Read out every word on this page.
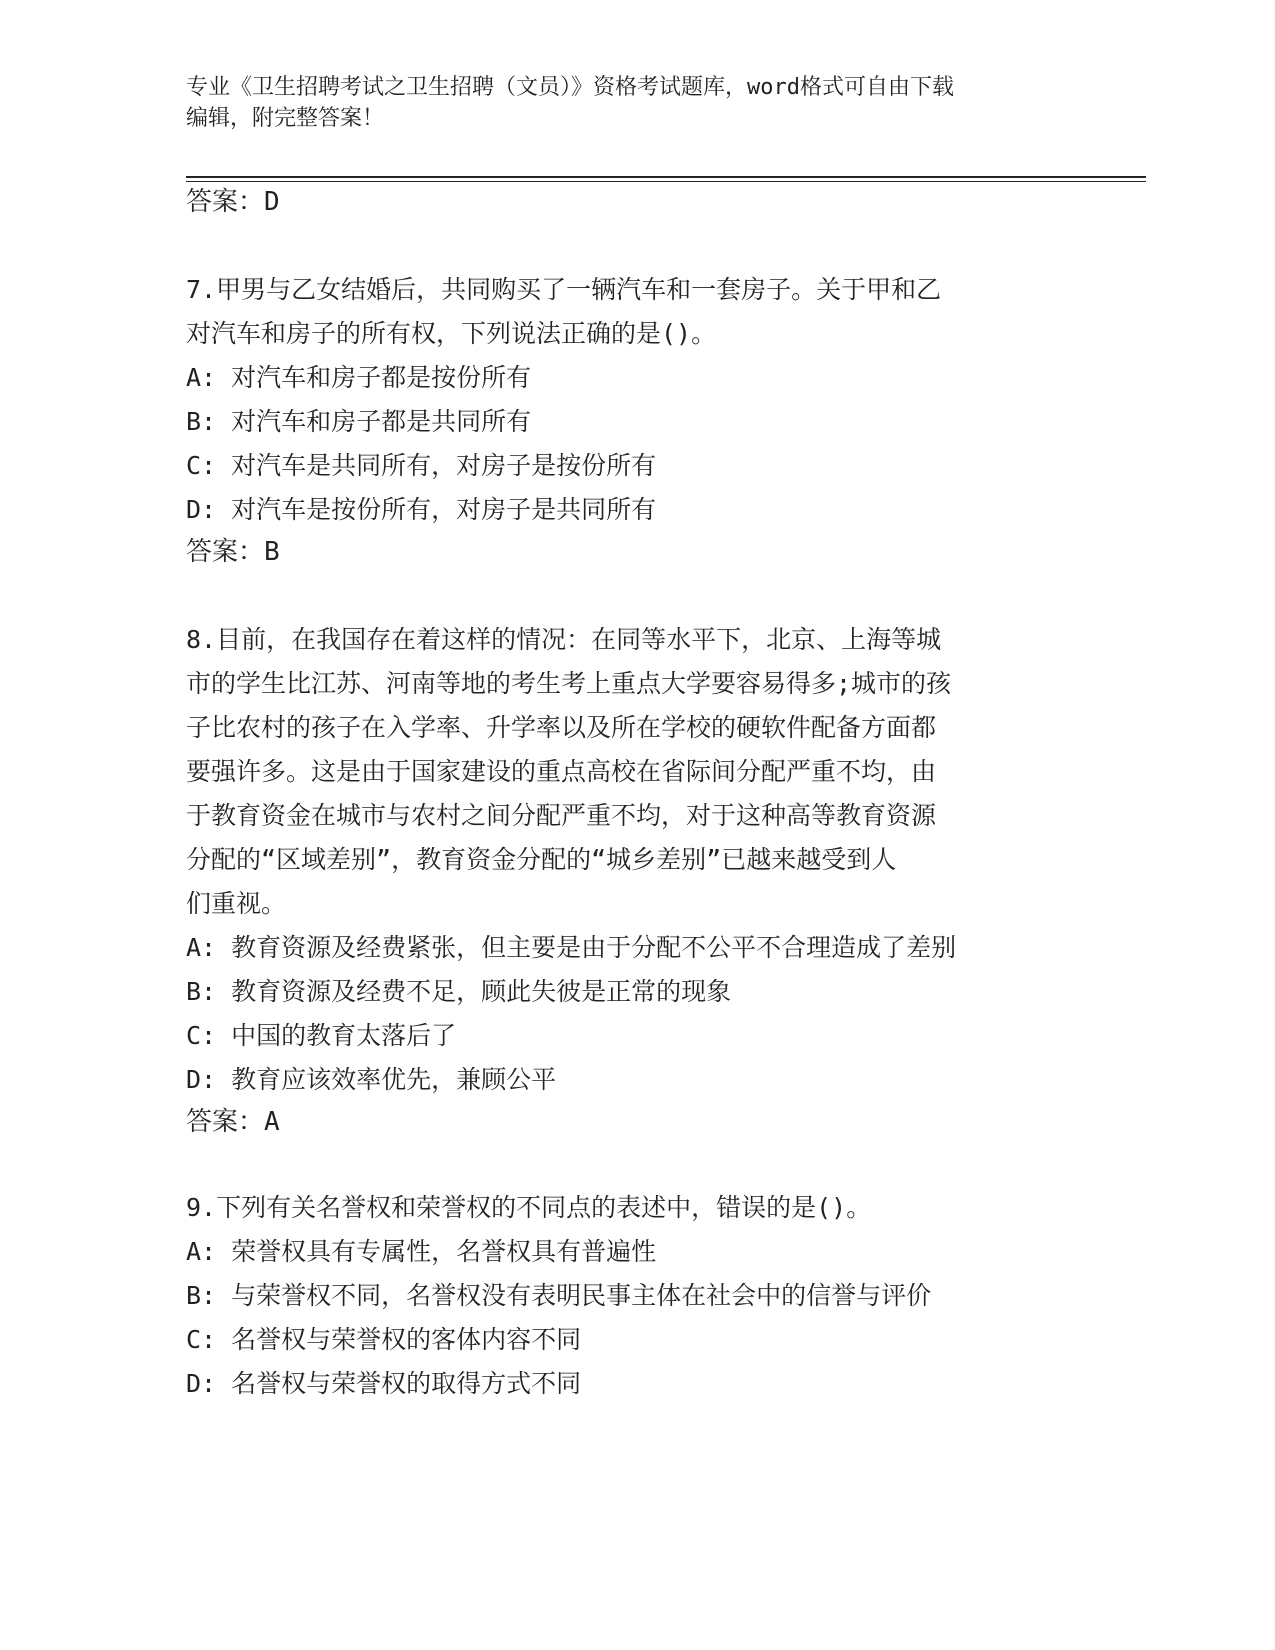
专业《卫生招聘考试之卫生招聘（文员）》资格考试题库，word格式可自由下载
编辑，附完整答案！
答案：D
7.甲男与乙女结婚后，共同购买了一辆汽车和一套房子。关于甲和乙
对汽车和房子的所有权，下列说法正确的是()。
A: 对汽车和房子都是按份所有
B: 对汽车和房子都是共同所有
C: 对汽车是共同所有，对房子是按份所有
D: 对汽车是按份所有，对房子是共同所有
答案：B
8.目前，在我国存在着这样的情况：在同等水平下，北京、上海等城
市的学生比江苏、河南等地的考生考上重点大学要容易得多;城市的孩
子比农村的孩子在入学率、升学率以及所在学校的硬软件配备方面都
要强许多。这是由于国家建设的重点高校在省际间分配严重不均，由
于教育资金在城市与农村之间分配严重不均，对于这种高等教育资源
分配的“区域差别”，教育资金分配的“城乡差别”已越来越受到人
们重视。
A: 教育资源及经费紧张，但主要是由于分配不公平不合理造成了差别
B: 教育资源及经费不足，顾此失彼是正常的现象
C: 中国的教育太落后了
D: 教育应该效率优先，兼顾公平
答案：A
9.下列有关名誉权和荣誉权的不同点的表述中，错误的是()。
A: 荣誉权具有专属性，名誉权具有普遍性
B: 与荣誉权不同，名誉权没有表明民事主体在社会中的信誉与评价
C: 名誉权与荣誉权的客体内容不同
D: 名誉权与荣誉权的取得方式不同
